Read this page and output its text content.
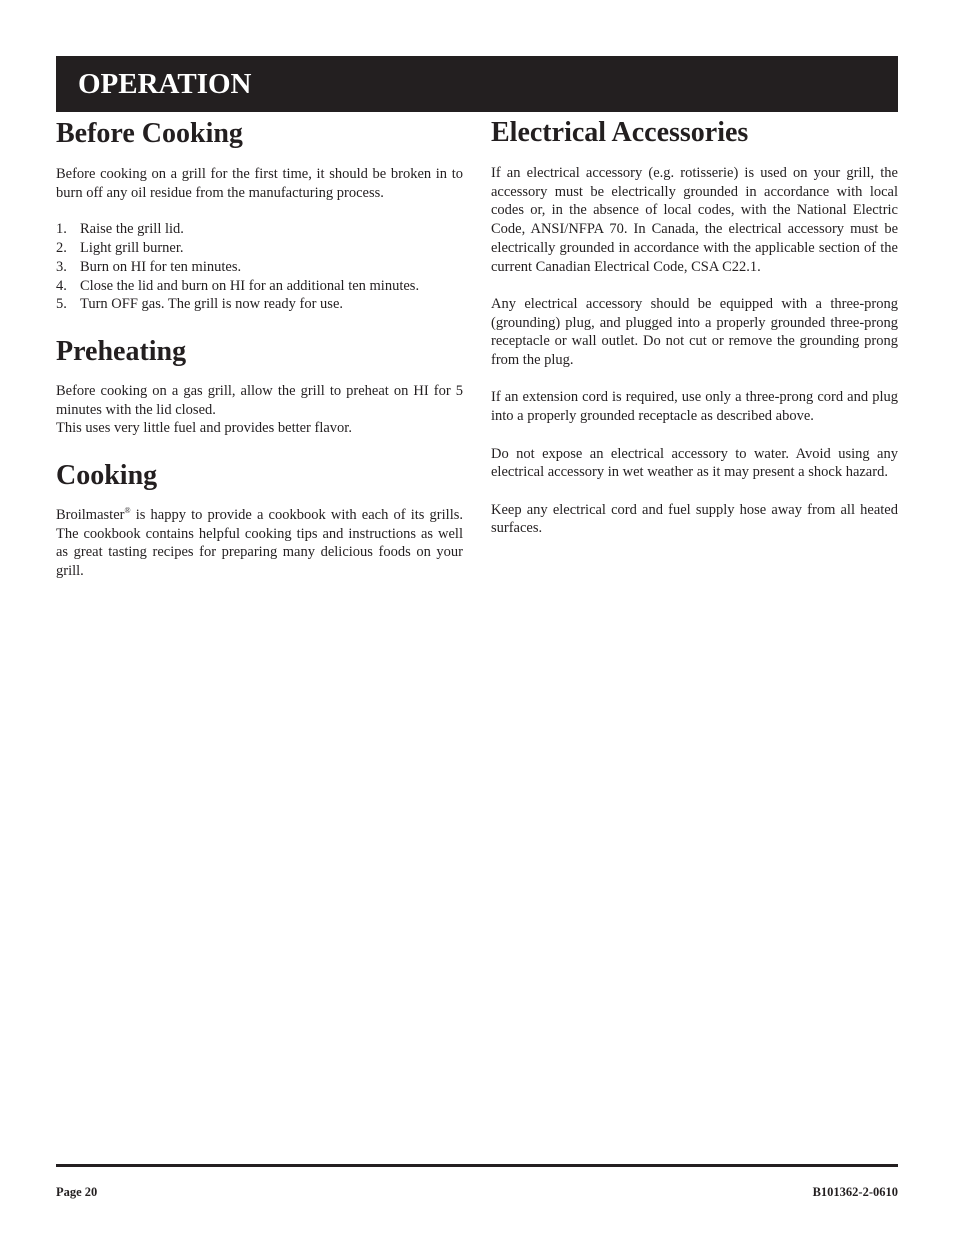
OPERATION
Before Cooking

Before cooking on a grill for the first time, it should be broken in to burn off any oil residue from the manufacturing process.

1. Raise the grill lid.
2. Light grill burner.
3. Burn on HI for ten minutes.
4. Close the lid and burn on HI for an additional ten minutes.
5. Turn OFF gas. The grill is now ready for use.
Preheating

Before cooking on a gas grill, allow the grill to preheat on HI for 5 minutes with the lid closed.
This uses very little fuel and provides better flavor.

Cooking

Broilmaster® is happy to provide a cookbook with each of its grills. The cookbook contains helpful cooking tips and instructions as well as great tasting recipes for preparing many delicious foods on your grill.

Electrical Accessories

If an electrical accessory (e.g. rotisserie) is used on your grill, the accessory must be electrically grounded in accordance with local codes or, in the absence of local codes, with the National Electric Code, ANSI/NFPA 70. In Canada, the electrical accessory must be electrically grounded in accordance with the applicable section of the current Canadian Electrical Code, CSA C22.1.

Any electrical accessory should be equipped with a three-prong (grounding) plug, and plugged into a properly grounded three-prong receptacle or wall outlet. Do not cut or remove the grounding prong from the plug.

If an extension cord is required, use only a three-prong cord and plug into a properly grounded receptacle as described above.

Do not expose an electrical accessory to water. Avoid using any electrical accessory in wet weather as it may present a shock hazard.

Keep any electrical cord and fuel supply hose away from all heated surfaces.

Page 20	B101362-2-0610
